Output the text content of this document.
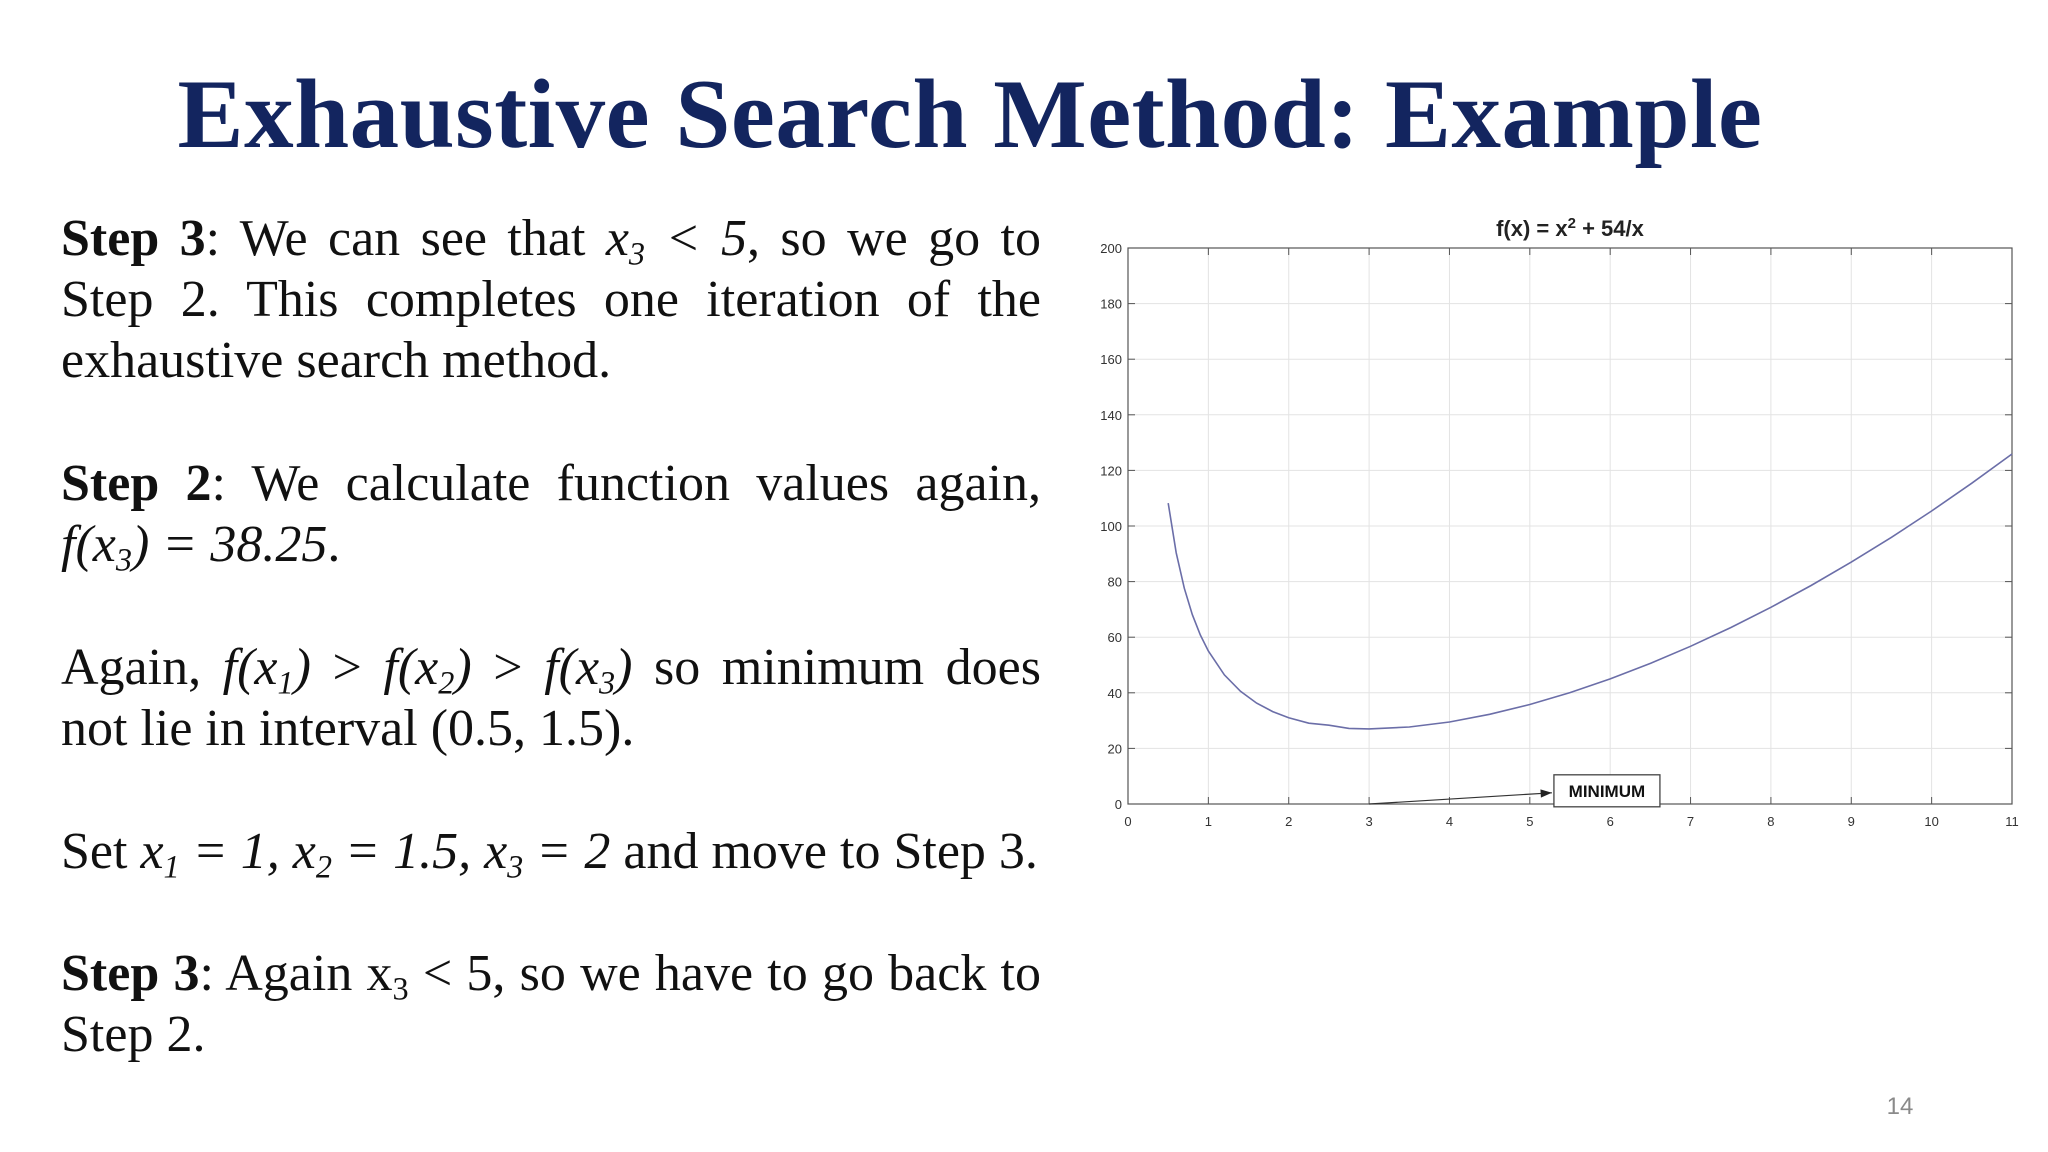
Exhaustive Search Method: Example

Step 3: We can see that $x_3 < 5$, so we go to Step 2. This completes one iteration of the exhaustive search method.

Step 2: We calculate function values again, $f(x_3) = 38.25$.

Again, $f(x_1) > f(x_2) > f(x_3)$ so minimum does not lie in interval (0.5, 1.5).

Set $x_1 = 1$, $x_2 = 1.5$, $x_3 = 2$ and move to Step 3.

Step 3: Again $x_3 < 5$, so we have to go back to Step 2.

$f(x) = x^2 + 54/x$
0	1	2	3	4	5	6	7	8	9	10	11
0
20
40
60
80
100
120
140
160
180
200
MINIMUM
14
